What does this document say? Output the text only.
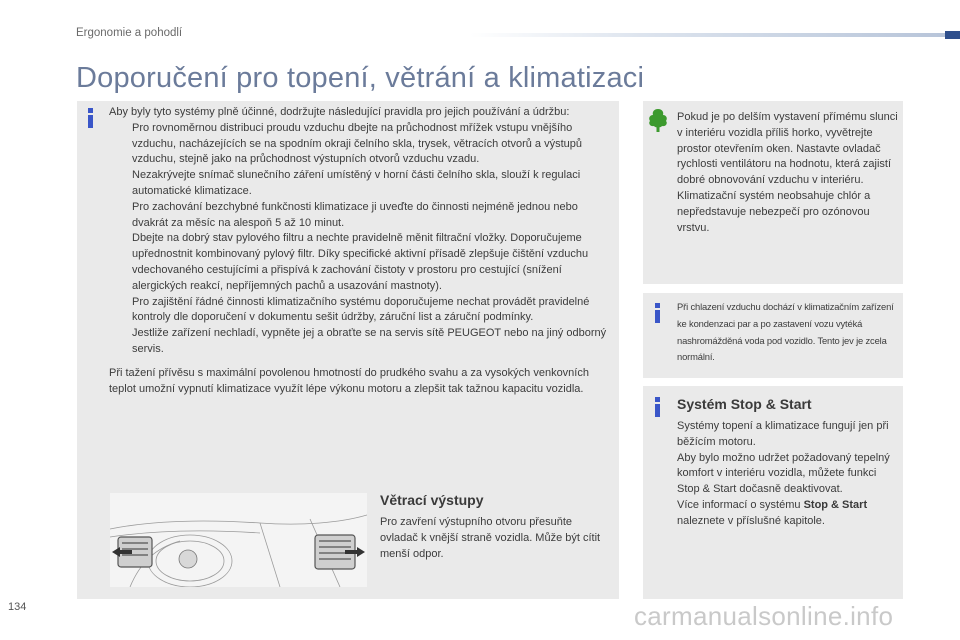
Ergonomie a pohodlí
Doporučení pro topení, větrání a klimatizaci

Aby byly tyto systémy plně účinné, dodržujte následující pravidla pro jejich používání a údržbu:

Pro rovnoměrnou distribuci proudu vzduchu dbejte na průchodnost mřížek vstupu vnějšího vzduchu, nacházejících se na spodním okraji čelního skla, trysek, větracích otvorů a výstupů vzduchu, stejně jako na průchodnost výstupních otvorů vzduchu vzadu.
Nezakrývejte snímač slunečního záření umístěný v horní části čelního skla, slouží k regulaci automatické klimatizace.
Pro zachování bezchybné funkčnosti klimatizace ji uveďte do činnosti nejméně jednou nebo dvakrát za měsíc na alespoň 5 až 10 minut.
Dbejte na dobrý stav pylového filtru a nechte pravidelně měnit filtrační vložky. Doporučujeme upřednostnit kombinovaný pylový filtr. Díky specifické aktivní přísadě zlepšuje čištění vzduchu vdechovaného cestujícími a přispívá k zachování čistoty v prostoru pro cestující (snížení alergických reakcí, nepříjemných pachů a usazování mastnoty).
Pro zajištění řádné činnosti klimatizačního systému doporučujeme nechat provádět pravidelné kontroly dle doporučení v dokumentu sešit údržby, záruční list a záruční podmínky.
Jestliže zařízení nechladí, vypněte jej a obraťte se na servis sítě PEUGEOT nebo na jiný odborný servis.

Při tažení přívěsu s maximální povolenou hmotností do prudkého svahu a za vysokých venkovních teplot umožní vypnutí klimatizace využít lépe výkonu motoru a zlepšit tak tažnou kapacitu vozidla.

Větrací výstupy
Pro zavření výstupního otvoru přesuňte ovladač k vnější straně vozidla. Může být cítit menší odpor.
Pokud je po delším vystavení přímému slunci v interiéru vozidla příliš horko, vyvětrejte prostor otevřením oken. Nastavte ovladač rychlosti ventilátoru na hodnotu, která zajistí dobré obnovování vzduchu v interiéru. Klimatizační systém neobsahuje chlór a nepředstavuje nebezpečí pro ozónovou vrstvu.
Při chlazení vzduchu dochází v klimatizačním zařízení ke kondenzaci par a po zastavení vozu vytéká nashromážděná voda pod vozidlo. Tento jev je zcela normální.
Systém Stop & Start

Systémy topení a klimatizace fungují jen při běžícím motoru.

Aby bylo možno udržet požadovaný tepelný komfort v interiéru vozidla, můžete funkci Stop & Start dočasně deaktivovat.

Více informací o systému Stop & Start naleznete v příslušné kapitole.

134	carmanualsonline.info
